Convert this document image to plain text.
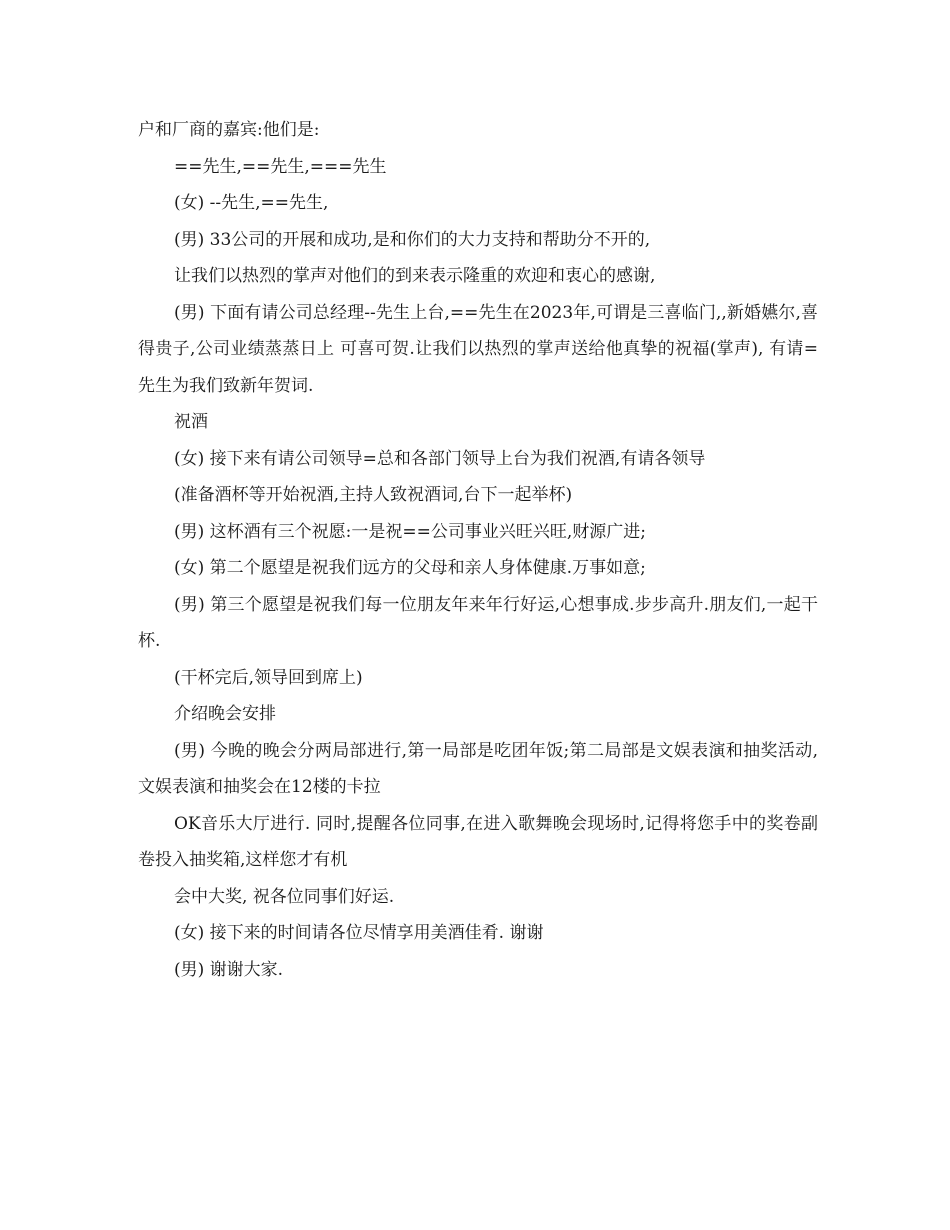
户和厂商的嘉宾:他们是:

==先生,==先生,===先生

(女) --先生,==先生,

(男) 33公司的开展和成功,是和你们的大力支持和帮助分不开的,

让我们以热烈的掌声对他们的到来表示隆重的欢迎和衷心的感谢,

(男) 下面有请公司总经理--先生上台,==先生在2023年,可谓是三喜临门,,新婚嬿尔,喜得贵子,公司业绩蒸蒸日上 可喜可贺.让我们以热烈的掌声送给他真挚的祝福(掌声), 有请=先生为我们致新年贺词.

祝酒

(女) 接下来有请公司领导=总和各部门领导上台为我们祝酒,有请各领导

(准备酒杯等开始祝酒,主持人致祝酒词,台下一起举杯)

(男) 这杯酒有三个祝愿:一是祝==公司事业兴旺兴旺,财源广进;

(女) 第二个愿望是祝我们远方的父母和亲人身体健康.万事如意;

(男) 第三个愿望是祝我们每一位朋友年来年行好运,心想事成.步步高升.朋友们,一起干杯.

(干杯完后,领导回到席上)

介绍晚会安排

(男) 今晚的晚会分两局部进行,第一局部是吃团年饭;第二局部是文娱表演和抽奖活动,文娱表演和抽奖会在12楼的卡拉

OK音乐大厅进行. 同时,提醒各位同事,在进入歌舞晚会现场时,记得将您手中的奖卷副卷投入抽奖箱,这样您才有机

会中大奖, 祝各位同事们好运.

(女) 接下来的时间请各位尽情享用美酒佳肴. 谢谢

(男) 谢谢大家.
